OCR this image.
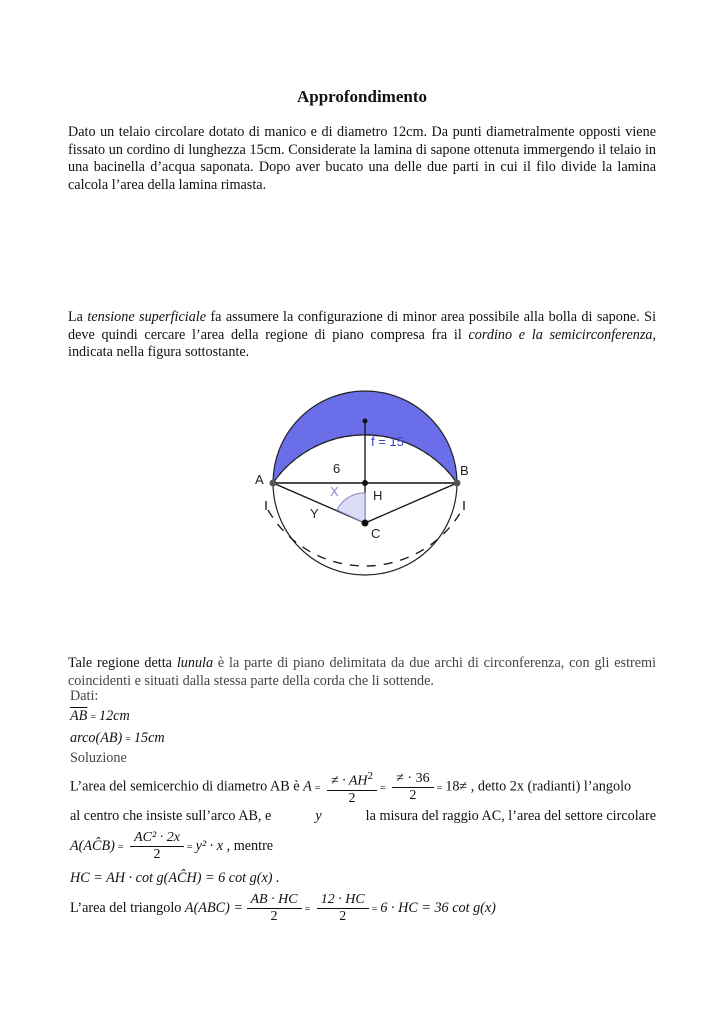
Approfondimento
Dato un telaio circolare dotato di manico e di diametro 12cm. Da punti diametralmente opposti viene fissato un cordino di lunghezza 15cm. Considerate la lamina di sapone ottenuta immergendo il telaio in una bacinella d’acqua saponata. Dopo aver bucato una delle due parti in cui il filo divide la lamina calcola l’area della lamina rimasta.
La tensione superficiale fa assumere la configurazione di minor area possibile alla bolla di sapone. Si deve quindi cercare l’area della regione di piano compresa fra il cordino e la semicirconferenza, indicata nella figura sottostante.
A
B
H
C
6
f = 15
X
Y
Tale regione detta lunula è la parte di piano delimitata da due archi di circonferenza, con gli estremi coincidenti e situati dalla stessa parte della corda che li sottende.
Dati:
$\overline{AB} = 12cm$
arco(AB) = 15cm
Soluzione
L’area del semicerchio di diametro AB è $A = \frac{\ne \cdot AH^2}{2} = \frac{\ne \cdot 36}{2} = 18\ne$ , detto 2x (radianti) l’angolo
al centro che insiste sull’arco AB, e	y	la misura del raggio AC, l’area del settore circolare
A(AĈB) = $\frac{\text{AC² · 2x}}{2} = y^2 \cdot x$ , mentre
HC = AH · cot g(AĈH) = 6 cot g(x) .
L’area del triangolo $A(ABC) = \frac{AB \cdot HC}{2} = \frac{12 \cdot HC}{2} = 6$ · HC = 36 cot g(x)
